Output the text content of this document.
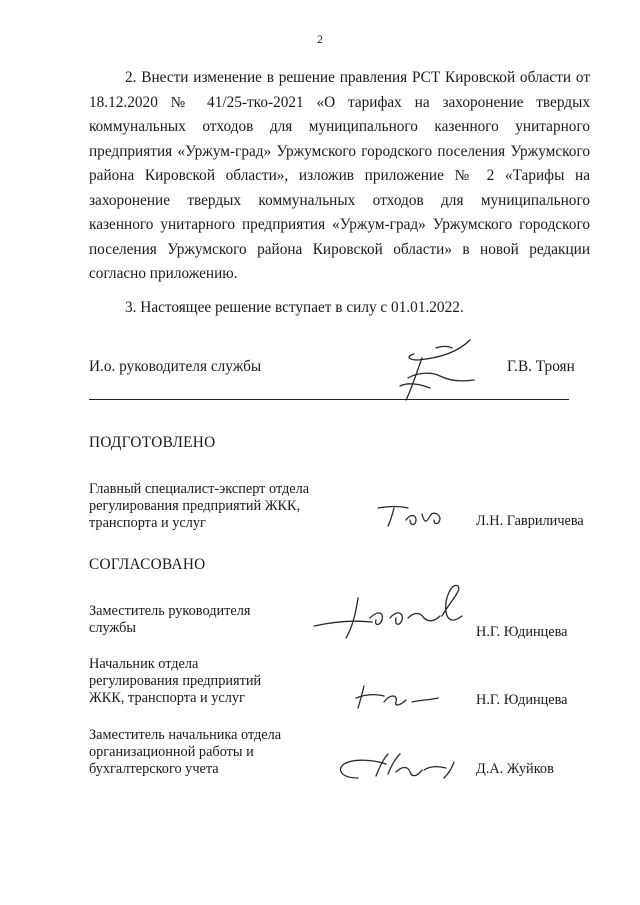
2

2. Внести изменение в решение правления РСТ Кировской области от 18.12.2020 № 41/25-тко-2021 «О тарифах на захоронение твердых коммунальных отходов для муниципального казенного унитарного предприятия «Уржум-град» Уржумского городского поселения Уржумского района Кировской области», изложив приложение № 2 «Тарифы на захоронение твердых коммунальных отходов для муниципального казенного унитарного предприятия «Уржум-град» Уржумского городского поселения Уржумского района Кировской области» в новой редакции согласно приложению.

3. Настоящее решение вступает в силу с 01.01.2022.

И.о. руководителя службы	Г.В. Троян
ПОДГОТОВЛЕНО
Главный специалист-эксперт отдела
регулирования предприятий ЖКК,
транспорта и услуг	Л.Н. Гавриличева
СОГЛАСОВАНО
Заместитель руководителя
службы	Н.Г. Юдинцева
Начальник отдела
регулирования предприятий
ЖКК, транспорта и услуг	Н.Г. Юдинцева
Заместитель начальника отдела
организационной работы и
бухгалтерского учета	Д.А. Жуйков
